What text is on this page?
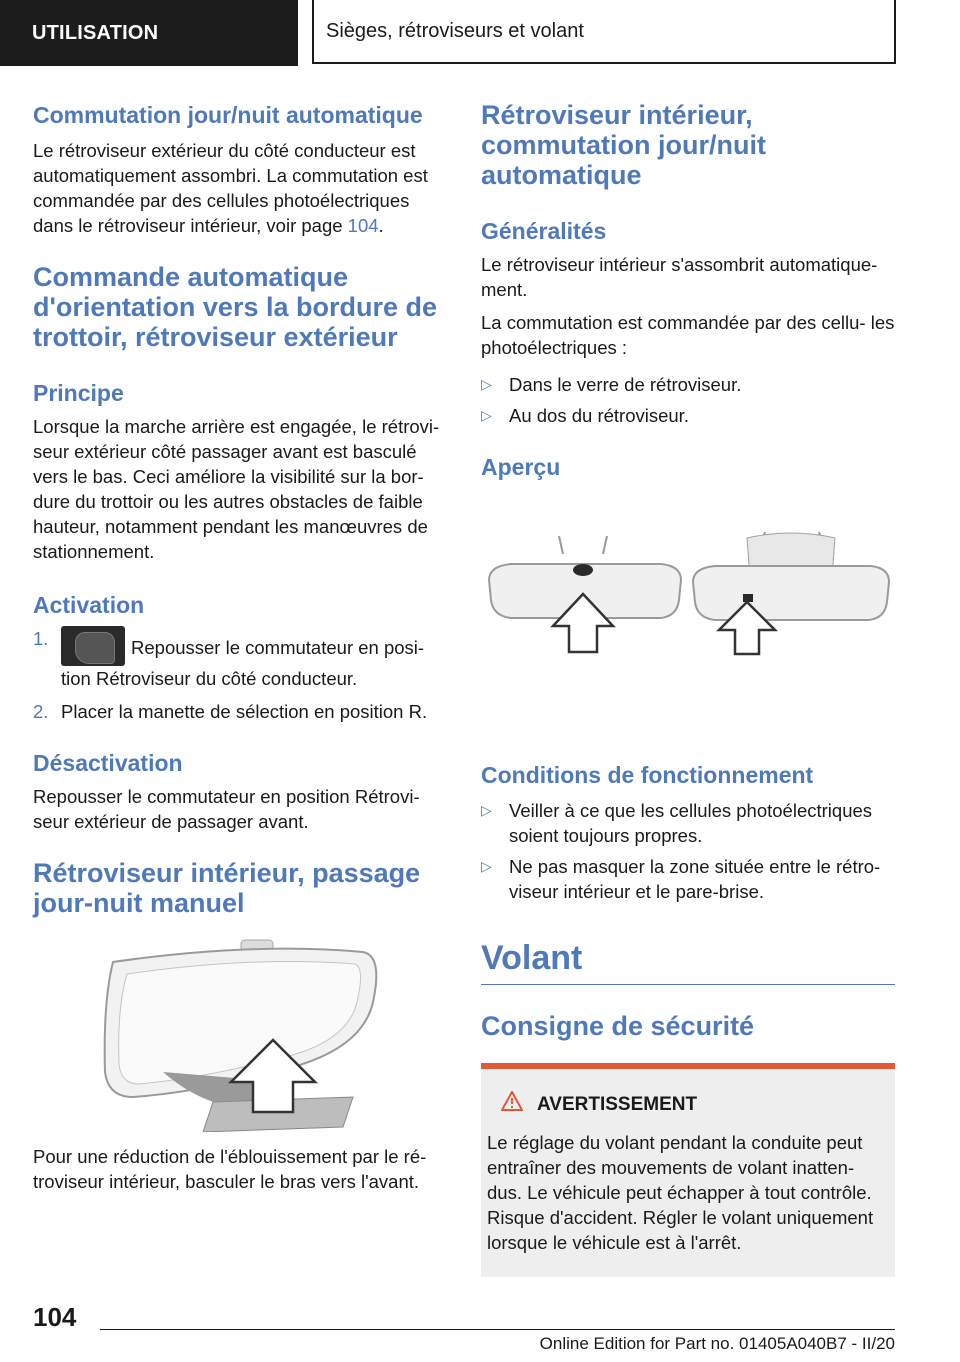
UTILISATION	Sièges, rétroviseurs et volant
Commutation jour/nuit automatique

Le rétroviseur extérieur du côté conducteur est automatiquement assombri. La commutation est commandée par des cellules photoélectriques dans le rétroviseur intérieur, voir page 104.

Commande automatique d'orientation vers la bordure de trottoir, rétroviseur extérieur
Principe

Lorsque la marche arrière est engagée, le rétrovi‐ seur extérieur côté passager avant est basculé vers le bas. Ceci améliore la visibilité sur la bor‐ dure du trottoir ou les autres obstacles de faible hauteur, notamment pendant les manœuvres de stationnement.

Activation
1.	Repousser le commutateur en posi‐ tion Rétroviseur du côté conducteur.
2. Placer la manette de sélection en position R.
Désactivation

Repousser le commutateur en position Rétrovi‐ seur extérieur de passager avant.

Rétroviseur intérieur, passage jour-nuit manuel

Pour une réduction de l'éblouissement par le ré‐ troviseur intérieur, basculer le bras vers l'avant.

Rétroviseur intérieur, commutation jour/nuit automatique
Généralités

Le rétroviseur intérieur s'assombrit automatique‐ ment.

La commutation est commandée par des cellu‐ les photoélectriques :

▷ Dans le verre de rétroviseur.
▷ Au dos du rétroviseur.
Aperçu
Conditions de fonctionnement
▷ Veiller à ce que les cellules photoélectriques soient toujours propres.
▷ Ne pas masquer la zone située entre le rétro‐ viseur intérieur et le pare-brise.
Volant
Consigne de sécurité
AVERTISSEMENT

Le réglage du volant pendant la conduite peut entraîner des mouvements de volant inatten‐ dus. Le véhicule peut échapper à tout contrôle. Risque d'accident. Régler le volant uniquement lorsque le véhicule est à l'arrêt.

104
Online Edition for Part no. 01405A040B7 - II/20
